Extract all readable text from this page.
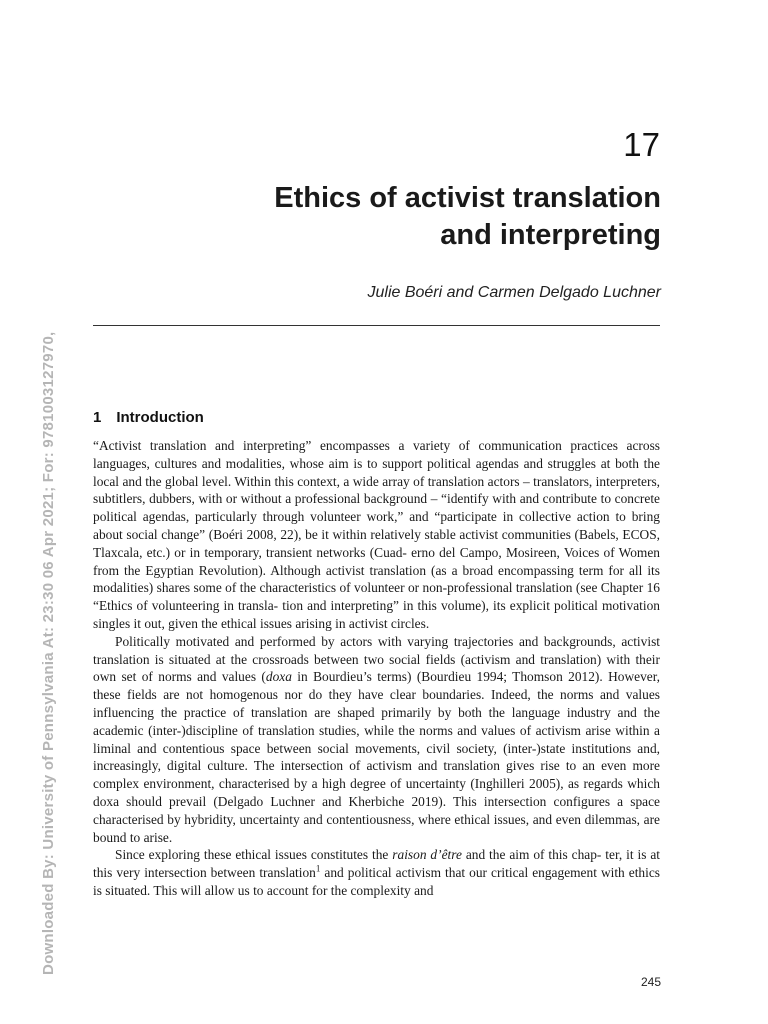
Downloaded By: University of Pennsylvania At: 23:30 06 Apr 2021; For: 9781003127970,
17
Ethics of activist translation
and interpreting
Julie Boéri and Carmen Delgado Luchner
1 Introduction

“Activist translation and interpreting” encompasses a variety of communication practices across languages, cultures and modalities, whose aim is to support political agendas and struggles at both the local and the global level. Within this context, a wide array of translation actors – translators, interpreters, subtitlers, dubbers, with or without a professional background – “identify with and contribute to concrete political agendas, particularly through volunteer work,” and “participate in collective action to bring about social change” (Boéri 2008, 22), be it within relatively stable activist communities (Babels, ECOS, Tlaxcala, etc.) or in temporary, transient networks (Cuad- erno del Campo, Mosireen, Voices of Women from the Egyptian Revolution). Although activist translation (as a broad encompassing term for all its modalities) shares some of the characteristics of volunteer or non-professional translation (see Chapter 16 “Ethics of volunteering in transla- tion and interpreting” in this volume), its explicit political motivation singles it out, given the ethical issues arising in activist circles.

Politically motivated and performed by actors with varying trajectories and backgrounds, activist translation is situated at the crossroads between two social fields (activism and translation) with their own set of norms and values (doxa in Bourdieu’s terms) (Bourdieu 1994; Thomson 2012). However, these fields are not homogenous nor do they have clear boundaries. Indeed, the norms and values influencing the practice of translation are shaped primarily by both the language industry and the academic (inter-)discipline of translation studies, while the norms and values of activism arise within a liminal and contentious space between social movements, civil society, (inter-)state institutions and, increasingly, digital culture. The intersection of activism and translation gives rise to an even more complex environment, characterised by a high degree of uncertainty (Inghilleri 2005), as regards which doxa should prevail (Delgado Luchner and Kherbiche 2019). This intersection configures a space characterised by hybridity, uncertainty and contentiousness, where ethical issues, and even dilemmas, are bound to arise.

Since exploring these ethical issues constitutes the raison d’être and the aim of this chap- ter, it is at this very intersection between translation$^1$ and political activism that our critical engagement with ethics is situated. This will allow us to account for the complexity and

245
